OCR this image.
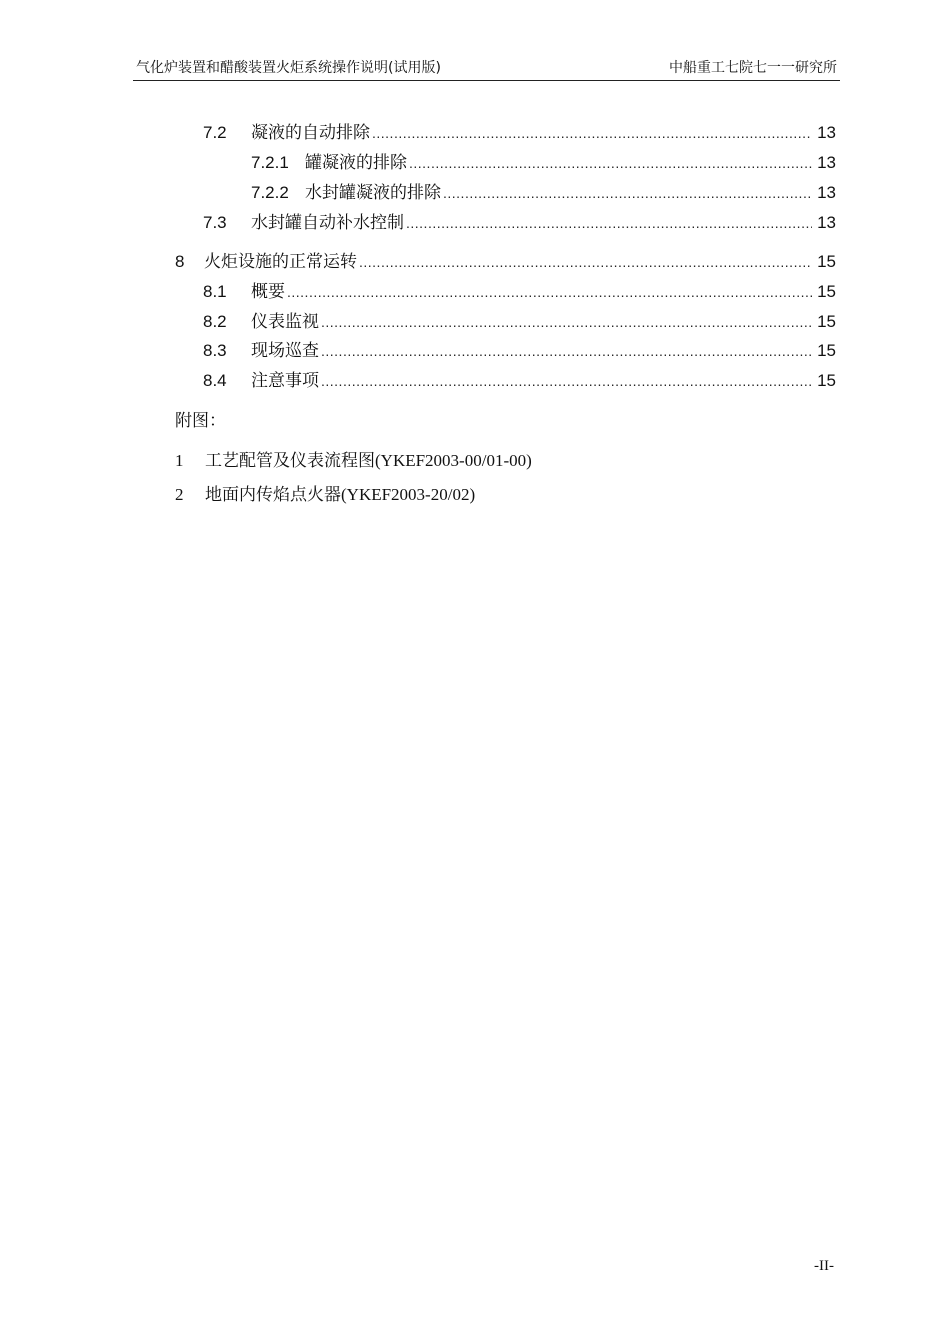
气化炉装置和醋酸装置火炬系统操作说明(试用版)	中船重工七院七一一研究所
7.2	凝液的自动排除 .....	13
7.2.1 罐凝液的排除 .....	13
7.2.2 水封罐凝液的排除 .....	13
7.3	水封罐自动补水控制 .....	13
8	火炬设施的正常运转 .....	15
8.1	概要 .....	15
8.2	仪表监视 .....	15
8.3	现场巡查 .....	15
8.4	注意事项 .....	15
附图：
1 工艺配管及仪表流程图(YKEF2003-00/01-00)
2 地面内传焰点火器(YKEF2003-20/02)
-II-
